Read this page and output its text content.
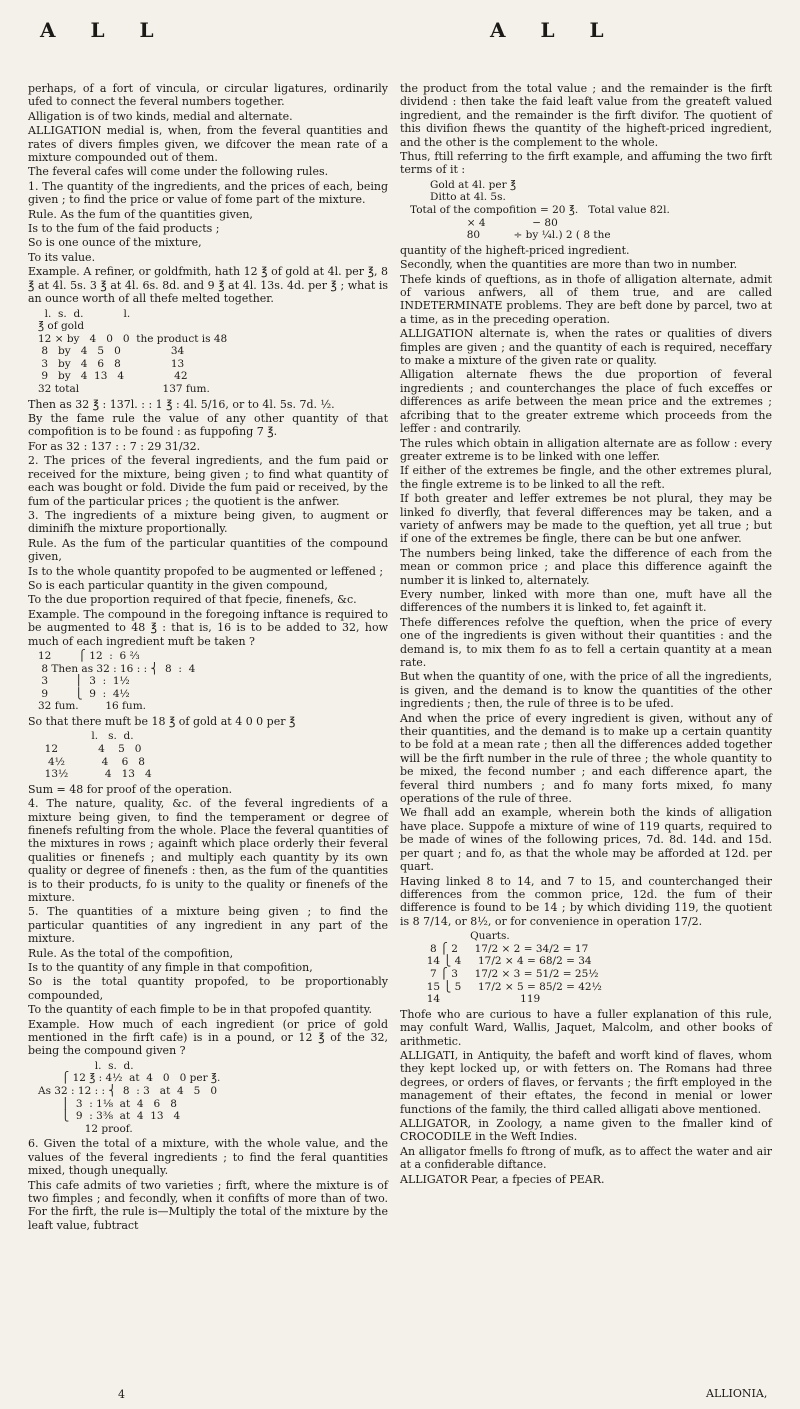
A L L	A L L

perhaps, of a fort of vincula, or circular ligatures, ordinarily ufed to connect the feveral numbers together.

Alligation is of two kinds, medial and alternate.

ALLIGATION medial is, when, from the feveral quantities and rates of divers fimples given, we difcover the mean rate of a mixture compounded out of them.

The feveral cafes will come under the following rules.

1. The quantity of the ingredients, and the prices of each, being given ; to find the price or value of fome part of the mixture.

Rule. As the fum of the quantities given,

Is to the fum of the faid products ;

So is one ounce of the mixture,

To its value.

Example. A refiner, or goldfmith, hath 12 ℥ of gold at 4l. per ℥, 8 ℥ at 4l. 5s. 3 ℥ at 4l. 6s. 8d. and 9 ℥ at 4l. 13s. 4d. per ℥ ; what is an ounce worth of all thefe melted together.

l.  s.  d.            l.
℥ of gold
12 × by   4   0   0  the product is 48
8   by   4   5   0               34
3   by   4   6   8               13
9   by   4  13   4               42
32 total                         137 fum.

Then as 32 ℥ : 137l. : : 1 ℥ : 4l. 5/16, or to 4l. 5s. 7d. ½.

By the fame rule the value of any other quantity of that compofition is to be found : as fuppofing 7 ℥.

For as 32 : 137 : : 7 : 29 31/32.

2. The prices of the feveral ingredients, and the fum paid or received for the mixture, being given ; to find what quantity of each was bought or fold. Divide the fum paid or received, by the fum of the particular prices ; the quotient is the anfwer.

3. The ingredients of a mixture being given, to augment or diminifh the mixture proportionally.

Rule. As the fum of the particular quantities of the compound given,

Is to the whole quantity propofed to be augmented or leffened ;

So is each particular quantity in the given compound,

To the due proportion required of that fpecie, finenefs, &c.

Example. The compound in the foregoing inftance is required to be augmented to 48 ℥ : that is, 16 is to be added to 32, how much of each ingredient muft be taken ?

12        ⎧ 12  :  6 ⅔
8 Then as 32 : 16 : : ⎨  8  :  4
3        ⎪  3  :  1½
9        ⎩  9  :  4½
32 fum.        16 fum.

So that there muft be 18 ℥ of gold at 4 0 0 per ℥

l.   s.  d.
12            4    5   0
4½           4    6   8
13½           4   13   4

Sum = 48 for proof of the operation.

4. The nature, quality, &c. of the feveral ingredients of a mixture being given, to find the temperament or degree of finenefs refulting from the whole. Place the feveral quantities of the mixtures in rows ; againft which place orderly their feveral qualities or finenefs ; and multiply each quantity by its own quality or degree of finenefs : then, as the fum of the quantities is to their products, fo is unity to the quality or finenefs of the mixture.

5. The quantities of a mixture being given ; to find the particular quantities of any ingredient in any part of the mixture.

Rule. As the total of the compofition,

Is to the quantity of any fimple in that compofition,

So is the total quantity propofed, to be proportionably compounded,

To the quantity of each fimple to be in that propofed quantity.

Example. How much of each ingredient (or price of gold mentioned in the firft cafe) is in a pound, or 12 ℥ of the 32, being the compound given ?

l.  s.  d.
⎧ 12 ℥ : 4½  at  4   0   0 per ℥.
As 32 : 12 : : ⎨  8  : 3   at  4   5   0
⎪  3  : 1⅛  at  4   6   8
⎩  9  : 3⅜  at  4  13   4
12 proof.

6. Given the total of a mixture, with the whole value, and the values of the feveral ingredients ; to find the feral quantities mixed, though unequally.

This cafe admits of two varieties ; firft, where the mixture is of two fimples ; and fecondly, when it confifts of more than of two. For the firft, the rule is—Multiply the total of the mixture by the leaft value, fubtract

the product from the total value ; and the remainder is the firft dividend : then take the faid leaft value from the greateft valued ingredient, and the remainder is the firft divifor. The quotient of this divifion fhews the quantity of the higheft-priced ingredient, and the other is the complement to the whole.

Thus, ftill referring to the firft example, and affuming the two firft terms of it :

Gold at 4l. per ℥
Ditto at 4l. 5s.
Total of the compofition = 20 ℥.   Total value 82l.
× 4              − 80
80          ÷ by ¼l.) 2 ( 8 the

quantity of the higheft-priced ingredient.

Secondly, when the quantities are more than two in number.

Thefe kinds of queftions, as in thofe of alligation alternate, admit of various anfwers, all of them true, and are called INDETERMINATE problems. They are beft done by parcel, two at a time, as in the preceding operation.

ALLIGATION alternate is, when the rates or qualities of divers fimples are given ; and the quantity of each is required, neceffary to make a mixture of the given rate or quality.

Alligation alternate fhews the due proportion of feveral ingredients ; and counterchanges the place of fuch exceffes or differences as arife between the mean price and the extremes ; afcribing that to the greater extreme which proceeds from the leffer : and contrarily.

The rules which obtain in alligation alternate are as follow : every greater extreme is to be linked with one leffer.

If either of the extremes be fingle, and the other extremes plural, the fingle extreme is to be linked to all the reft.

If both greater and leffer extremes be not plural, they may be linked fo diverfly, that feveral differences may be taken, and a variety of anfwers may be made to the queftion, yet all true ; but if one of the extremes be fingle, there can be but one anfwer.

The numbers being linked, take the difference of each from the mean or common price ; and place this difference againft the number it is linked to, alternately.

Every number, linked with more than one, muft have all the differences of the numbers it is linked to, fet againft it.

Thefe differences refolve the queftion, when the price of every one of the ingredients is given without their quantities : and the demand is, to mix them fo as to fell a certain quantity at a mean rate.

But when the quantity of one, with the price of all the ingredients, is given, and the demand is to know the quantities of the other ingredients ; then, the rule of three is to be ufed.

And when the price of every ingredient is given, without any of their quantities, and the demand is to make up a certain quantity to be fold at a mean rate ; then all the differences added together will be the firft number in the rule of three ; the whole quantity to be mixed, the fecond number ; and each difference apart, the feveral third numbers ; and fo many forts mixed, fo many operations of the rule of three.

We fhall add an example, wherein both the kinds of alligation have place. Suppofe a mixture of wine of 119 quarts, required to be made of wines of the following prices, 7d. 8d. 14d. and 15d. per quart ; and fo, as that the whole may be afforded at 12d. per quart.

Having linked 8 to 14, and 7 to 15, and counterchanged their differences from the common price, 12d. the fum of their difference is found to be 14 ; by which dividing 119, the quotient is 8 7/14, or 8½, or for convenience in operation 17/2.

Quarts.
8 ⎧ 2     17/2 × 2 = 34/2 = 17
14 ⎩ 4     17/2 × 4 = 68/2 = 34
7 ⎧ 3     17/2 × 3 = 51/2 = 25½
15 ⎩ 5     17/2 × 5 = 85/2 = 42½
14                        119

Thofe who are curious to have a fuller explanation of this rule, may confult Ward, Wallis, Jaquet, Malcolm, and other books of arithmetic.

ALLIGATI, in Antiquity, the bafeft and worft kind of flaves, whom they kept locked up, or with fetters on. The Romans had three degrees, or orders of flaves, or fervants ; the firft employed in the management of their eftates, the fecond in menial or lower functions of the family, the third called alligati above mentioned.

ALLIGATOR, in Zoology, a name given to the fmaller kind of CROCODILE in the Weft Indies.

An alligator fmells fo ftrong of mufk, as to affect the water and air at a confiderable diftance.

ALLIGATOR Pear, a fpecies of PEAR.

4	ALLIONIA,
